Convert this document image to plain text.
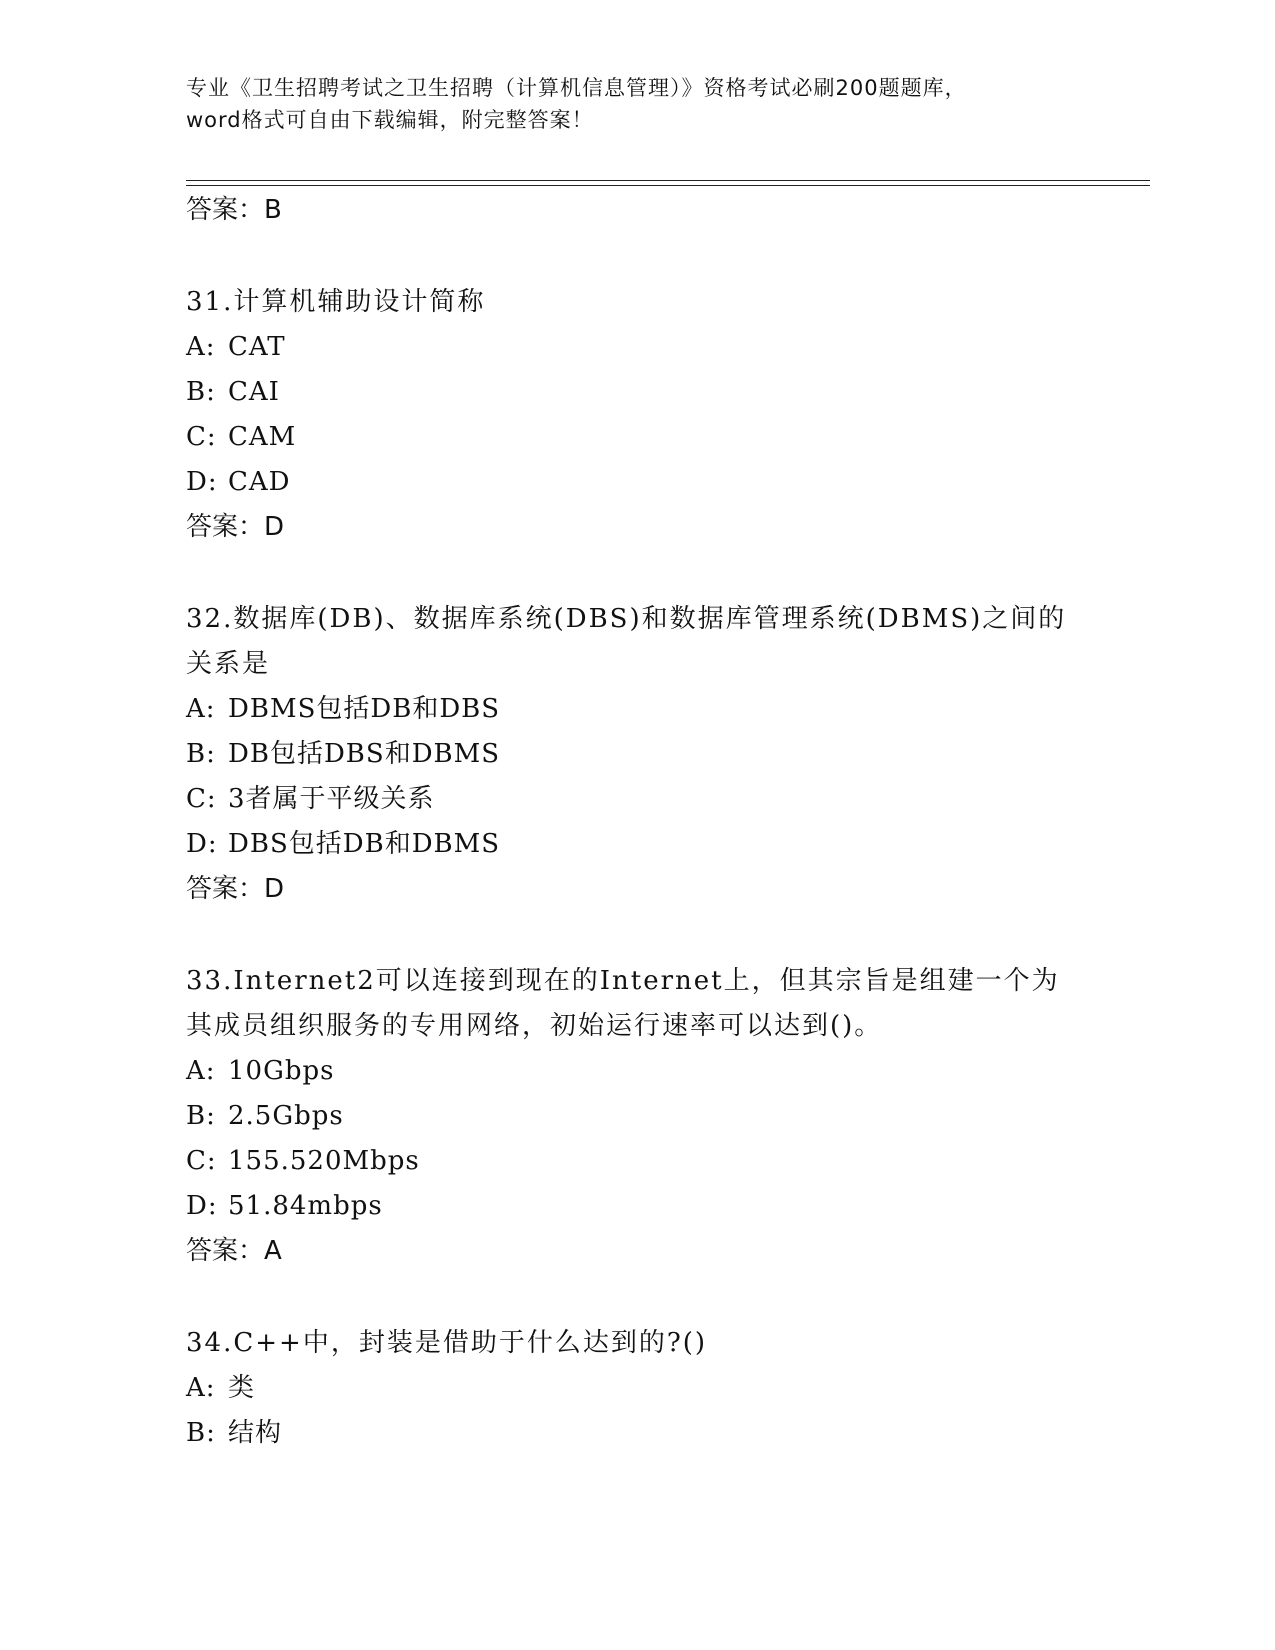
专业《卫生招聘考试之卫生招聘（计算机信息管理）》资格考试必刷200题题库，
word格式可自由下载编辑，附完整答案！
答案：B
31.计算机辅助设计简称
A: CAT
B: CAI
C: CAM
D: CAD
答案：D
32.数据库(DB)、数据库系统(DBS)和数据库管理系统(DBMS)之间的关系是
A: DBMS包括DB和DBS
B: DB包括DBS和DBMS
C: 3者属于平级关系
D: DBS包括DB和DBMS
答案：D
33.Internet2可以连接到现在的Internet上，但其宗旨是组建一个为其成员组织服务的专用网络，初始运行速率可以达到()。
A: 10Gbps
B: 2.5Gbps
C: 155.520Mbps
D: 51.84mbps
答案：A
34.C++中，封装是借助于什么达到的?()
A: 类
B: 结构
